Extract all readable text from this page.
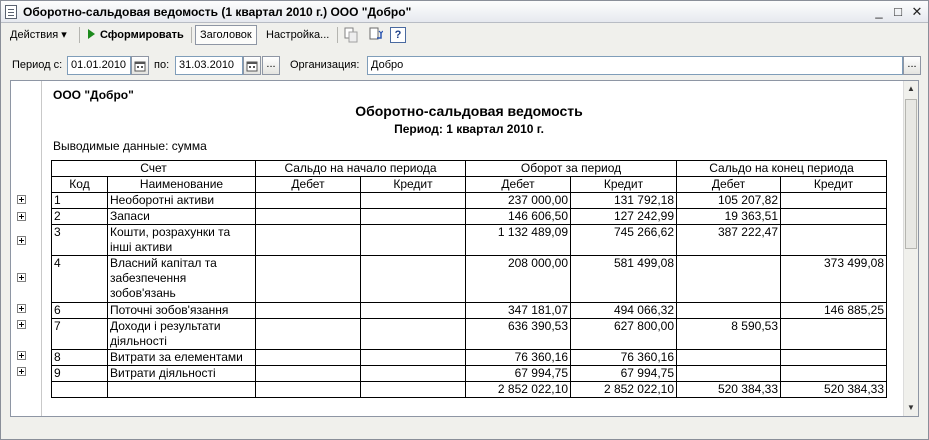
Оборотно-сальдовая ведомость (1 квартал 2010 г.) ООО "Добро"	_ □ ✕
Действия ▾	Сформировать	Заголовок	Настройка...	?
Период с: 01.01.2010	по: 31.03.2010	...	Организация:	Добро	...
ООО "Добро"
Оборотно-сальдовая ведомость
Период: 1 квартал 2010 г.
Выводимые данные: сумма
Счет		Сальдо на начало периода		Оборот за период		Сальдо на конец периода	
Код	Наименование	Дебет	Кредит	Дебет	Кредит	Дебет	Кредит
1	Необоротні активи			237 000,00	131 792,18	105 207,82	
2	Запаси			146 606,50	127 242,99	19 363,51	
3	Кошти, розрахунки та інші активи			1 132 489,09	745 266,62	387 222,47	
4	Власний капітал та забезпечення зобов'язань			208 000,00	581 499,08		373 499,08
6	Поточні зобов'язання			347 181,07	494 066,32		146 885,25
7	Доходи і результати діяльності			636 390,53	627 800,00	8 590,53	
8	Витрати за елементами			76 360,16	76 360,16		
9	Витрати діяльності			67 994,75	67 994,75		
				2 852 022,10	2 852 022,10	520 384,33	520 384,33
▲
▼
